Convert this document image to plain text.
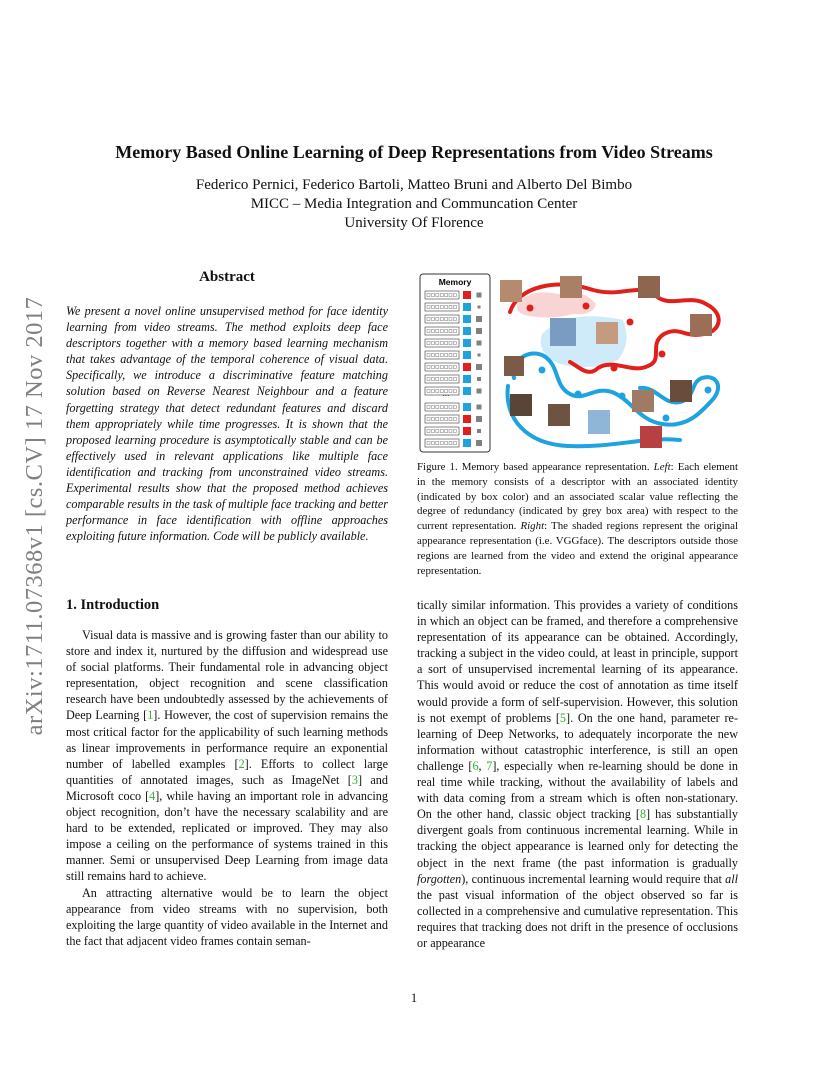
arXiv:1711.07368v1 [cs.CV] 17 Nov 2017
Memory Based Online Learning of Deep Representations from Video Streams
Federico Pernici, Federico Bartoli, Matteo Bruni and Alberto Del Bimbo
MICC – Media Integration and Communcation Center
University Of Florence
Abstract

We present a novel online unsupervised method for face identity learning from video streams. The method exploits deep face descriptors together with a memory based learning mechanism that takes advantage of the temporal coherence of visual data. Specifically, we introduce a discriminative feature matching solution based on Reverse Nearest Neighbour and a feature forgetting strategy that detect redundant features and discard them appropriately while time progresses. It is shown that the proposed learning procedure is asymptotically stable and can be effectively used in relevant applications like multiple face identification and tracking from unconstrained video streams. Experimental results show that the proposed method achieves comparable results in the task of multiple face tracking and better performance in face identification with offline approaches exploiting future information. Code will be publicly available.

1. Introduction

Visual data is massive and is growing faster than our ability to store and index it, nurtured by the diffusion and widespread use of social platforms. Their fundamental role in advancing object representation, object recognition and scene classification research have been undoubtedly assessed by the achievements of Deep Learning [1]. However, the cost of supervision remains the most critical factor for the applicability of such learning methods as linear improvements in performance require an exponential number of labelled examples [2]. Efforts to collect large quantities of annotated images, such as ImageNet [3] and Microsoft coco [4], while having an important role in advancing object recognition, don’t have the necessary scalability and are hard to be extended, replicated or improved. They may also impose a ceiling on the performance of systems trained in this manner. Semi or unsupervised Deep Learning from image data still remains hard to achieve.

An attracting alternative would be to learn the object appearance from video streams with no supervision, both exploiting the large quantity of video available in the Internet and the fact that adjacent video frames contain seman-

Memory
...

Figure 1. Memory based appearance representation. Left: Each element in the memory consists of a descriptor with an associated identity (indicated by box color) and an associated scalar value reflecting the degree of redundancy (indicated by grey box area) with respect to the current representation. Right: The shaded regions represent the original appearance representation (i.e. VGGface). The descriptors outside those regions are learned from the video and extend the original appearance representation.

tically similar information. This provides a variety of conditions in which an object can be framed, and therefore a comprehensive representation of its appearance can be obtained. Accordingly, tracking a subject in the video could, at least in principle, support a sort of unsupervised incremental learning of its appearance. This would avoid or reduce the cost of annotation as time itself would provide a form of self-supervision. However, this solution is not exempt of problems [5]. On the one hand, parameter re-learning of Deep Networks, to adequately incorporate the new information without catastrophic interference, is still an open challenge [6, 7], especially when re-learning should be done in real time while tracking, without the availability of labels and with data coming from a stream which is often non-stationary. On the other hand, classic object tracking [8] has substantially divergent goals from continuous incremental learning. While in tracking the object appearance is learned only for detecting the object in the next frame (the past information is gradually forgotten), continuous incremental learning would require that all the past visual information of the object observed so far is collected in a comprehensive and cumulative representation. This requires that tracking does not drift in the presence of occlusions or appearance

1
